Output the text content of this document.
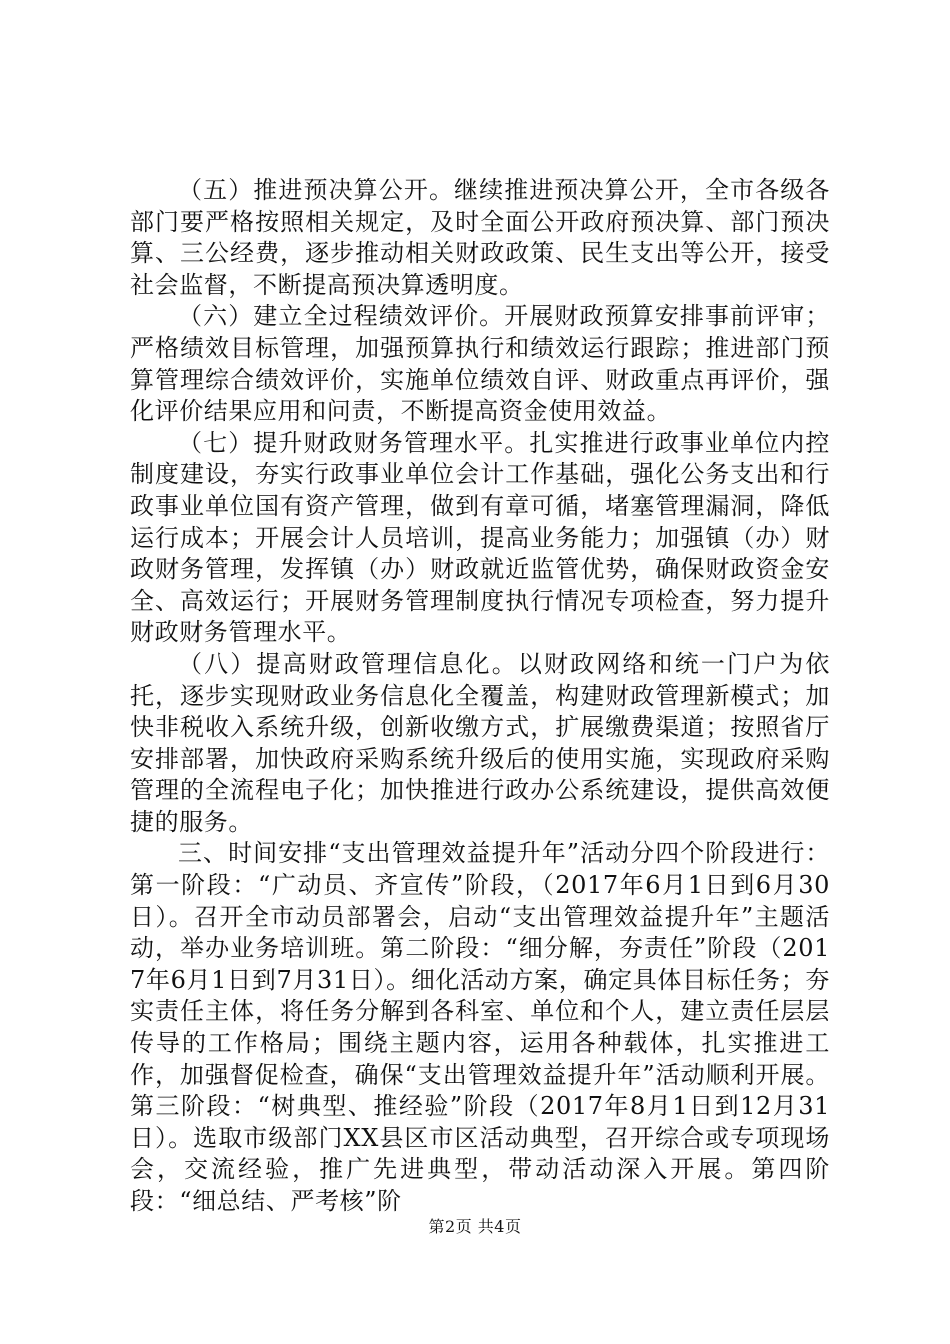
（五）推进预决算公开。继续推进预决算公开，全市各级各部门要严格按照相关规定，及时全面公开政府预决算、部门预决算、三公经费，逐步推动相关财政政策、民生支出等公开，接受社会监督，不断提高预决算透明度。

（六）建立全过程绩效评价。开展财政预算安排事前评审；严格绩效目标管理，加强预算执行和绩效运行跟踪；推进部门预算管理综合绩效评价，实施单位绩效自评、财政重点再评价，强化评价结果应用和问责，不断提高资金使用效益。

（七）提升财政财务管理水平。扎实推进行政事业单位内控制度建设，夯实行政事业单位会计工作基础，强化公务支出和行政事业单位国有资产管理，做到有章可循，堵塞管理漏洞，降低运行成本；开展会计人员培训，提高业务能力；加强镇（办）财政财务管理，发挥镇（办）财政就近监管优势，确保财政资金安全、高效运行；开展财务管理制度执行情况专项检查，努力提升财政财务管理水平。

（八）提高财政管理信息化。以财政网络和统一门户为依托，逐步实现财政业务信息化全覆盖，构建财政管理新模式；加快非税收入系统升级，创新收缴方式，扩展缴费渠道；按照省厅安排部署，加快政府采购系统升级后的使用实施，实现政府采购管理的全流程电子化；加快推进行政办公系统建设，提供高效便捷的服务。

三、时间安排“支出管理效益提升年”活动分四个阶段进行：第一阶段：“广动员、齐宣传”阶段，（2017年6月1日到6月30日）。召开全市动员部署会，启动“支出管理效益提升年”主题活动，举办业务培训班。第二阶段：“细分解，夯责任”阶段（2017年6月1日到7月31日）。细化活动方案，确定具体目标任务；夯实责任主体，将任务分解到各科室、单位和个人，建立责任层层传导的工作格局；围绕主题内容，运用各种载体，扎实推进工作，加强督促检查，确保“支出管理效益提升年”活动顺利开展。第三阶段：“树典型、推经验”阶段（2017年8月1日到12月31日）。选取市级部门XX县区市区活动典型，召开综合或专项现场会，交流经验，推广先进典型，带动活动深入开展。第四阶段：“细总结、严考核”阶

第2页 共4页
